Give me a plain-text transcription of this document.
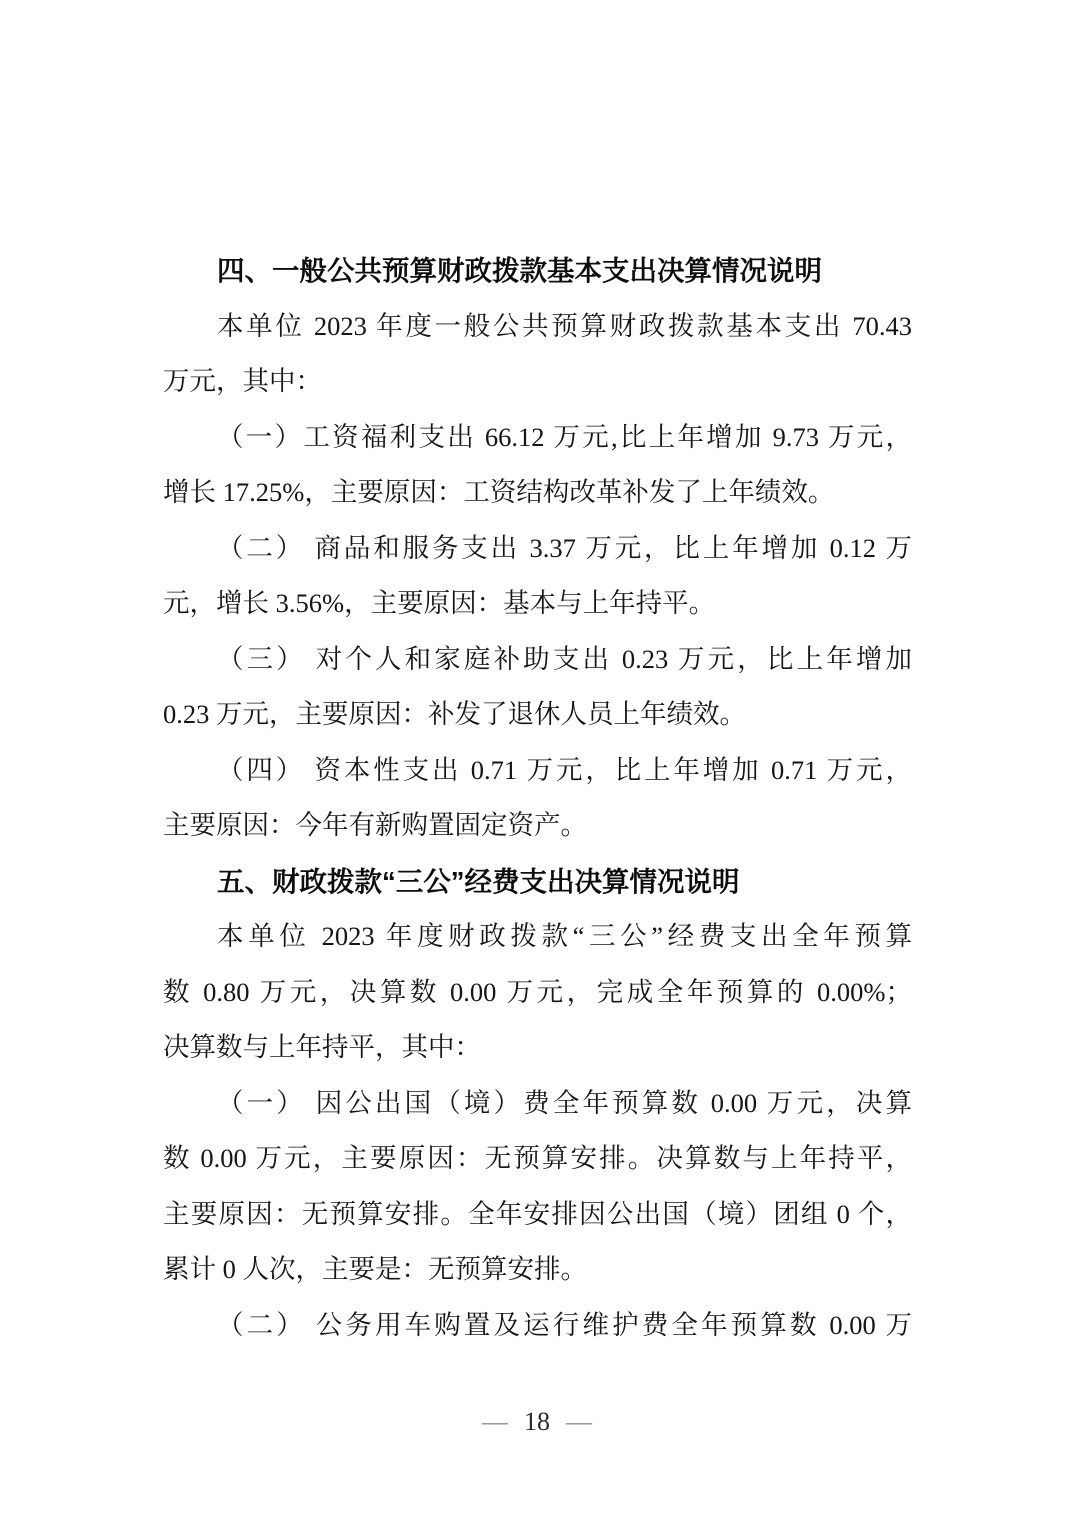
四、一般公共预算财政拨款基本支出决算情况说明
本单位 2023 年度一般公共预算财政拨款基本支出 70.43
万元，其中：
（一）工资福利支出 66.12 万元,比上年增加 9.73 万元，
增长 17.25%，主要原因：工资结构改革补发了上年绩效。
（二） 商品和服务支出 3.37 万元，比上年增加 0.12 万
元，增长 3.56%，主要原因：基本与上年持平。
（三） 对个人和家庭补助支出 0.23 万元，比上年增加
0.23 万元，主要原因：补发了退休人员上年绩效。
（四） 资本性支出 0.71 万元，比上年增加 0.71 万元，
主要原因：今年有新购置固定资产。
五、财政拨款“三公”经费支出决算情况说明
本单位 2023 年度财政拨款“三公”经费支出全年预算
数 0.80 万元，决算数 0.00 万元，完成全年预算的 0.00%；
决算数与上年持平，其中：
（一） 因公出国（境）费全年预算数 0.00 万元，决算
数 0.00 万元，主要原因：无预算安排。决算数与上年持平，
主要原因：无预算安排。全年安排因公出国（境）团组 0 个，
累计 0 人次，主要是：无预算安排。
（二） 公务用车购置及运行维护费全年预算数 0.00 万
— 18 —
